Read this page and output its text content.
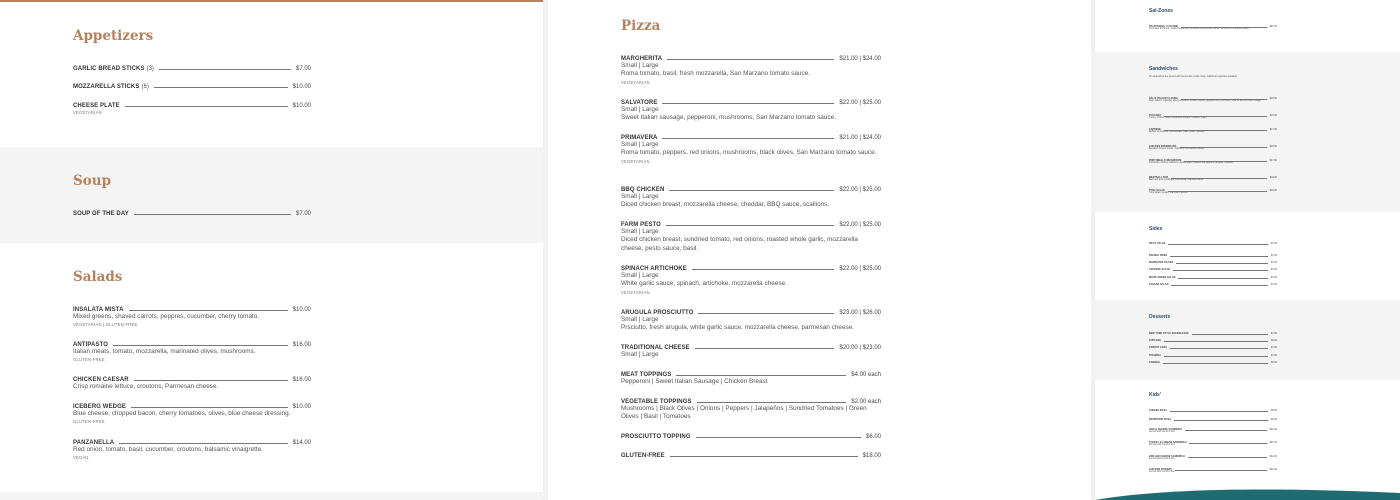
Appetizers
Soup
Salads
GARLIC BREAD STICKS (3)	$7.00
MOZZARELLA STICKS (6)	$10.00
CHEESE PLATE	$10.00
VEGETARIAN
SOUP OF THE DAY	$7.00
INSALATA MISTA	$10.00
Mixed greens, shaved carrots, peppres, cucumber, cherry tomato.
VEGETARIAN | GLUTEN-FREE
ANTIPASTO	$16.00
Italian meats, tomato, mozzarella, marinated olives, mushrooms.
GLUTEN-FREE
CHICKEN CAESAR	$16.00
Crisp romaine lettuce, croutons, Parmesan cheese.
ICEBERG WEDGE	$10.00
Blue cheese, chopped bacon, cherry tomatoes, olives, blue cheese dressing.
GLUTEN-FREE
PANZANELLA	$14.00
Red onion, tomato, basil, cucumber, croutons, balsamic vinaigrette.
VEGAN
Pizza
MARGHERITA	$21.00 | $24.00
Small | Large
Roma tomato, basil, fresh mozzarella, San Marzano tomato sauce.
VEGETARIAN
SALVATORE	$22.00 | $25.00
Small | Large
Sweet Italian sausage, pepperoni, mushrooms, San Marzano tomato sauce.
PRIMAVERA	$21.00 | $24.00
Small | Large
Roma tomato, peppers, red onions, mushrooms, black olives, San Marzano tomato sauce.
VEGETARIAN
BBQ CHICKEN	$22.00 | $25.00
Small | Large
Diced chicken breast, mozzarella cheese, cheddar, BBQ sauce, scallions.
FARM PESTO	$22.00 | $25.00
Small | Large
Diced chicken breast, sundried tomato, red onions, roasted whole garlic, mozzarella cheese, pesto sauce, basil.
SPINACH ARTICHOKE	$22.00 | $25.00
Small | Large
White garlic sauce, spinach, artichoke, mozzarella cheese.
VEGETARIAN
ARUGULA PROSCIUTTO	$23.00 | $26.00
Small | Large
Prsciutto, fresh arugula, white garlic sauce, mozzarella cheese, parmesan cheese.
TRADITIONAL CHEESE	$20.00 | $23.00
Small | Large
MEAT TOPPINGS	$4.00 each
Pepperoni | Sweet Italian Sausage | Chicken Breast
VEGETABLE TOPPINGS	$2.00 each
Mushrooms | Black Olives | Onions | Peppers | Jalapeños | Sundried Tomatoes | Green Olives | Basil | Tomatoes
PROSCIUTTO TOPPING	$6.00
GLUTEN-FREE	$18.00
Sal-Zones
Sandwiches
All sandwiches are served with homemade potato chips. Additional upgrades available.
Sides
Desserts
Kids'
TRADITIONAL CALZONE	$21.00
Prosciutto di Parma, ricotta cheese and shredded mozzarella cheese. Served with marinara sauce.
SAL'S ITALIAN CLASSIC	$18.00
Ham, salami, capicola, aged provolone, tomato, lettuce, pepperoncini, red onion, olive oil and red wine vinegar.
TOSCANO	$16.00
Turkey, fontina, olive oil sundried tomato, mustard, mayo.
CAPRESE	$17.00
Buffalo mozzarella, roma tomato, basil, pesto, ciabatta.
CHICKEN PARMIGIANA	$18.00
Breaded chicken breast, marinara, mozzarella cheese.
PORTOBELLO MUSHROOM	$17.00
Portobello, fontina, balsamic roasted garlic, roasted red peppers, arugula, ciabatta.
MEATBALL SUB	$18.00
Beef and pork meatballs, mozzarella, marinara sauce.
TUNA SALAD	$18.00
Tuna salad, tomato, red onion, lettuce.
FRUIT SALAD	$7.00
FRENCH FRIES	$7.00
MARINATED OLIVES	$7.00
CAPRESE SALAD	$7.00
WHITE GREEN SALAD	$7.00
CAESAR SALAD	$7.00
NEW YORK STYLE CHEESECAKE	$7.00
CUPCAKE	$6.00
CARROT CAKE	$7.00
TIRAMISU	$7.00
CANNOLI	$6.00
CHEESE PIZZA	$9.00
PEPPERONI PIZZA	$9.00
HAM & CHEESE SANDWICH	$12.00
Served with French Fries.
TURKEY & CHEESE SANDWICH	$12.00
Served with French Fries.
GRILLED CHEESE SANDWICH	$12.00
Served with French Fries.
CHICKEN FINGERS	$12.00
Served with French Fries.
